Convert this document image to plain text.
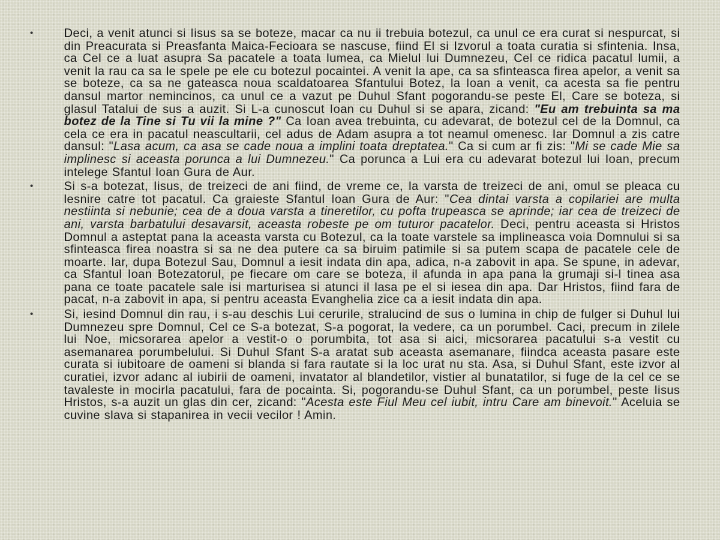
•	Deci, a venit atunci si Iisus sa se boteze, macar ca nu ii trebuia botezul, ca unul ce era curat si nespurcat, si din Preacurata si Preasfanta Maica-Fecioara se nascuse, fiind El si Izvorul a toata curatia si sfintenia. Insa, ca Cel ce a luat asupra Sa pacatele a toata lumea, ca Mielul lui Dumnezeu, Cel ce ridica pacatul lumii, a venit la rau ca sa le spele pe ele cu botezul pocaintei. A venit la ape, ca sa sfinteasca firea apelor, a venit sa se boteze, ca sa ne gateasca noua scaldatoarea Sfantului Botez, la Ioan a venit, ca acesta sa fie pentru dansul martor nemincinos, ca unul ce a vazut pe Duhul Sfant pogorandu-se peste El, Care se boteza, si glasul Tatalui de sus a auzit. Si L-a cunoscut Ioan cu Duhul si se apara, zicand: "Eu am trebuinta sa ma botez de la Tine si Tu vii la mine ?" Ca Ioan avea trebuinta, cu adevarat, de botezul cel de la Domnul, ca cela ce era in pacatul neascultarii, cel adus de Adam asupra a tot neamul omenesc. Iar Domnul a zis catre dansul: "Lasa acum, ca asa se cade noua a implini toata dreptatea." Ca si cum ar fi zis: "Mi se cade Mie sa implinesc si aceasta porunca a lui Dumnezeu." Ca porunca a Lui era cu adevarat botezul lui Ioan, precum intelege Sfantul Ioan Gura de Aur.
•	Si s-a botezat, Iisus, de treizeci de ani fiind, de vreme ce, la varsta de treizeci de ani, omul se pleaca cu lesnire catre tot pacatul. Ca graieste Sfantul Ioan Gura de Aur: "Cea dintai varsta a copilariei are multa nestiinta si nebunie; cea de a doua varsta a tineretilor, cu pofta trupeasca se aprinde; iar cea de treizeci de ani, varsta barbatului desavarsit, aceasta robeste pe om tuturor pacatelor. Deci, pentru aceasta si Hristos Domnul a asteptat pana la aceasta varsta cu Botezul, ca la toate varstele sa implineasca voia Domnului si sa sfinteasca firea noastra si sa ne dea putere ca sa biruim patimile si sa putem scapa de pacatele cele de moarte. Iar, dupa Botezul Sau, Domnul a iesit indata din apa, adica, n-a zabovit in apa. Se spune, in adevar, ca Sfantul Ioan Botezatorul, pe fiecare om care se boteza, il afunda in apa pana la grumaji si-l tinea asa pana ce toate pacatele sale isi marturisea si atunci il lasa pe el si iesea din apa. Dar Hristos, fiind fara de pacat, n-a zabovit in apa, si pentru aceasta Evanghelia zice ca a iesit indata din apa.
•	Si, iesind Domnul din rau, i s-au deschis Lui cerurile, stralucind de sus o lumina in chip de fulger si Duhul lui Dumnezeu spre Domnul, Cel ce S-a botezat, S-a pogorat, la vedere, ca un porumbel. Caci, precum in zilele lui Noe, micsorarea apelor a vestit-o o porumbita, tot asa si aici, micsorarea pacatului s-a vestit cu asemanarea porumbelului. Si Duhul Sfant S-a aratat sub aceasta asemanare, fiindca aceasta pasare este curata si iubitoare de oameni si blanda si fara rautate si la loc urat nu sta. Asa, si Duhul Sfant, este izvor al curatiei, izvor adanc al iubirii de oameni, invatator al blandetilor, vistier al bunatatilor, si fuge de la cel ce se tavaleste in mocirla pacatului, fara de pocainta. Si, pogorandu-se Duhul Sfant, ca un porumbel, peste Iisus Hristos, s-a auzit un glas din cer, zicand: "Acesta este Fiul Meu cel iubit, intru Care am binevoit." Aceluia se cuvine slava si stapanirea in vecii vecilor ! Amin.
